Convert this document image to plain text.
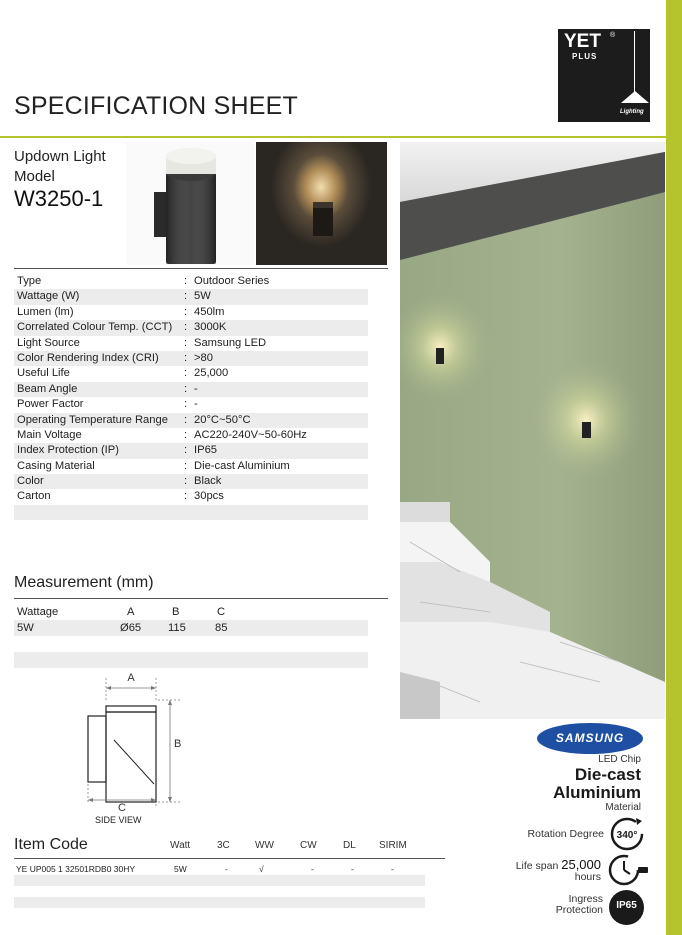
SPECIFICATION SHEET
YET ®
PLUS
Lighting
Updown Light
Model
W3250-1
Type	: Outdoor Series
Wattage (W)	: 5W
Lumen (lm)	: 450lm
Correlated Colour Temp. (CCT) : 3000K
Light Source	: Samsung LED
Color Rendering Index (CRI) : >80
Useful Life	: 25,000
Beam Angle	: -
Power Factor	: -
Operating Temperature Range : 20°C~50°C
Main Voltage	: AC220-240V~50-60Hz
Index Protection (IP)	: IP65
Casing Material	: Die-cast Aluminium
Color	: Black
Carton	: 30pcs
Measurement (mm)
Wattage	A	B	C
5W	Ø65 115	85
A
B
C
SIDE VIEW
Item Code	Watt	3C	WW	CW	DL SIRIM
YE UP005 1 32501RDB0 30HY	5W	-	√	-	-	-
SAMSUNG
LED Chip
Die-cast
Aluminium
Material
Rotation Degree 340°
Life span 25,000
hours
Ingress
Protection	IP65
